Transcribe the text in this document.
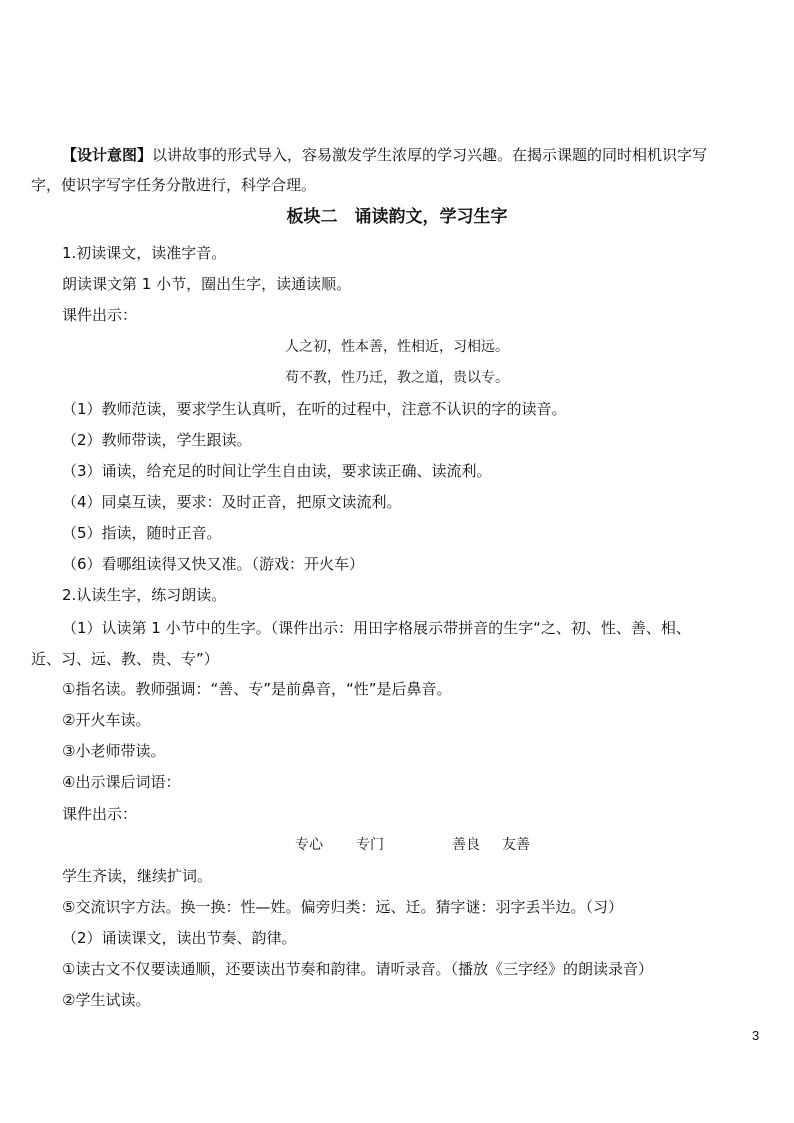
【设计意图】以讲故事的形式导入，容易激发学生浓厚的学习兴趣。在揭示课题的同时相机识字写
字，使识字写字任务分散进行，科学合理。
板块二　诵读韵文，学习生字
1.初读课文，读准字音。
朗读课文第 1 小节，圈出生字，读通读顺。
课件出示：
人之初，性本善，性相近，习相远。
苟不教，性乃迁，教之道，贵以专。
（1）教师范读，要求学生认真听，在听的过程中，注意不认识的字的读音。
（2）教师带读，学生跟读。
（3）诵读，给充足的时间让学生自由读，要求读正确、读流利。
（4）同桌互读，要求：及时正音，把原文读流利。
（5）指读，随时正音。
（6）看哪组读得又快又准。（游戏：开火车）
2.认读生字，练习朗读。
（1）认读第 1 小节中的生字。（课件出示：用田字格展示带拼音的生字“之、初、性、善、相、
近、习、远、教、贵、专”）
①指名读。教师强调：“善、专”是前鼻音，“性”是后鼻音。
②开火车读。
③小老师带读。
④出示课后词语：
课件出示：
专心 专门	善良 友善
学生齐读，继续扩词。
⑤交流识字方法。换一换：性—姓。偏旁归类：远、迁。猜字谜：羽字丢半边。（习）
（2）诵读课文，读出节奏、韵律。
①读古文不仅要读通顺，还要读出节奏和韵律。请听录音。（播放《三字经》的朗读录音）
②学生试读。
3
